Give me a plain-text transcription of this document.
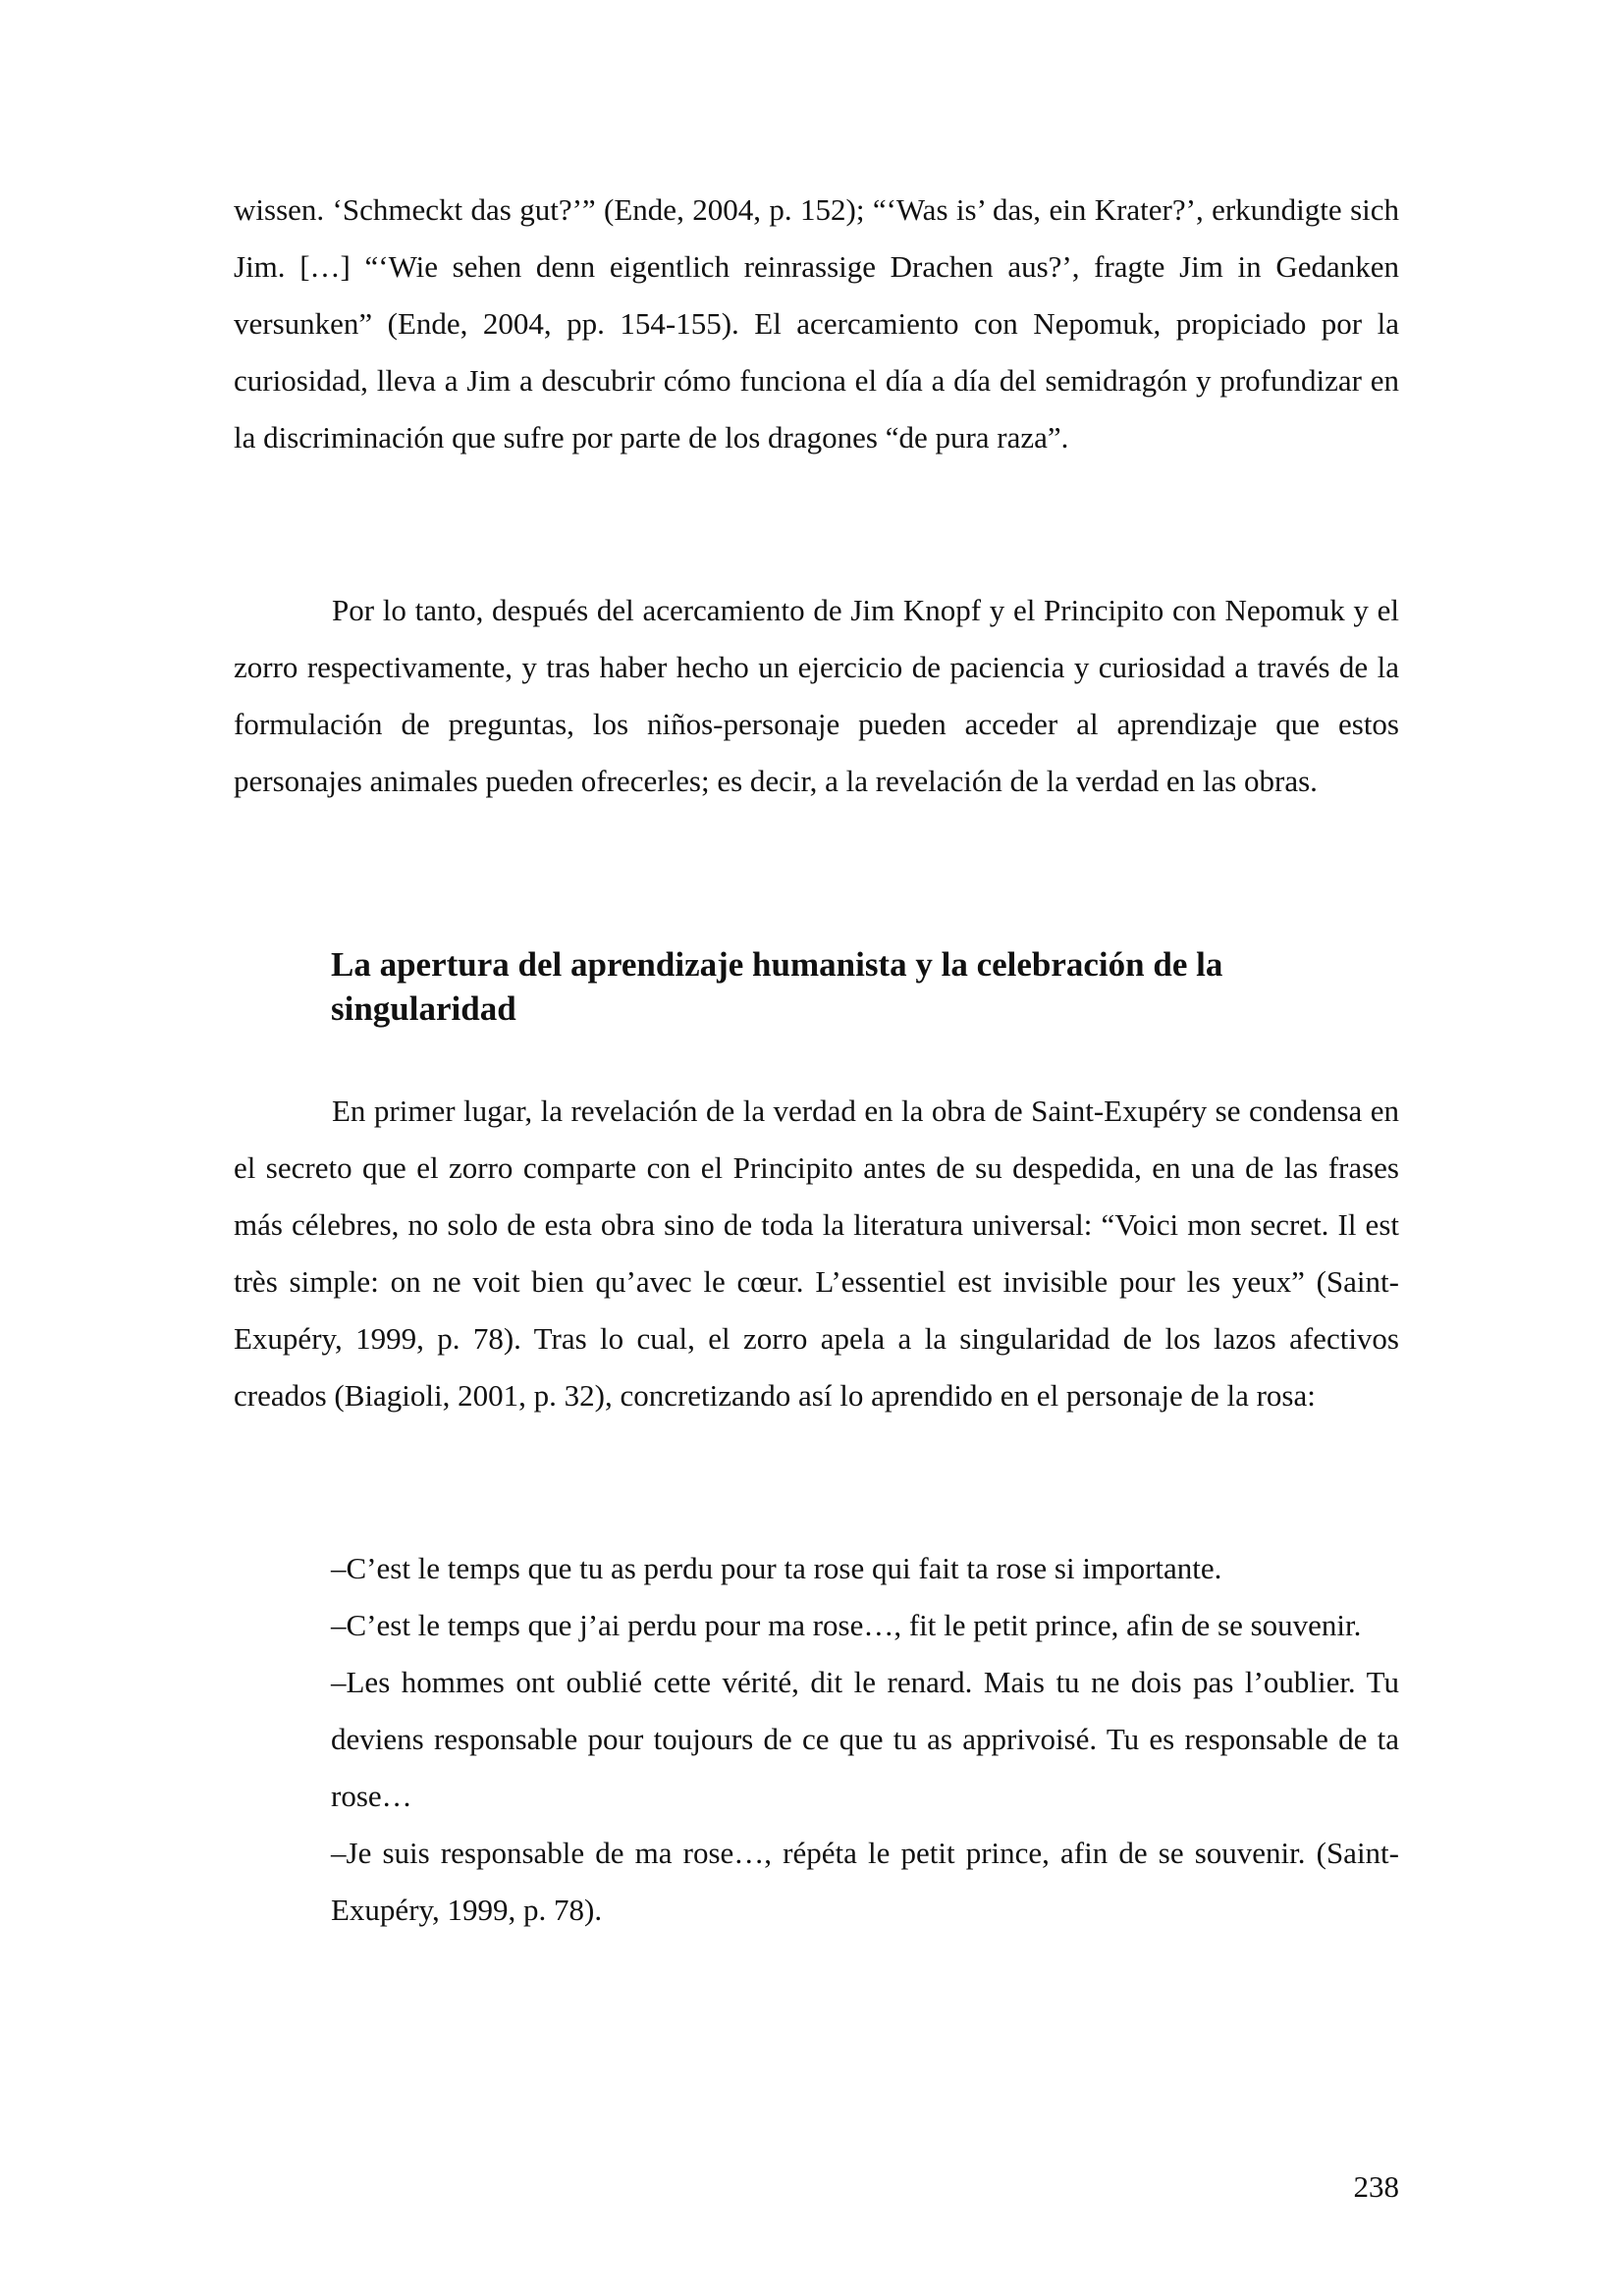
wissen. ‘Schmeckt das gut?’” (Ende, 2004, p. 152); “‘Was is’ das, ein Krater?’, erkundigte sich Jim. […] “‘Wie sehen denn eigentlich reinrassige Drachen aus?’, fragte Jim in Gedanken versunken” (Ende, 2004, pp. 154-155). El acercamiento con Nepomuk, propiciado por la curiosidad, lleva a Jim a descubrir cómo funciona el día a día del semidragón y profundizar en la discriminación que sufre por parte de los dragones “de pura raza”.

Por lo tanto, después del acercamiento de Jim Knopf y el Principito con Nepomuk y el zorro respectivamente, y tras haber hecho un ejercicio de paciencia y curiosidad a través de la formulación de preguntas, los niños-personaje pueden acceder al aprendizaje que estos personajes animales pueden ofrecerles; es decir, a la revelación de la verdad en las obras.

La apertura del aprendizaje humanista y la celebración de la singularidad

En primer lugar, la revelación de la verdad en la obra de Saint-Exupéry se condensa en el secreto que el zorro comparte con el Principito antes de su despedida, en una de las frases más célebres, no solo de esta obra sino de toda la literatura universal: “Voici mon secret. Il est très simple: on ne voit bien qu’avec le cœur. L’essentiel est invisible pour les yeux” (Saint-Exupéry, 1999, p. 78). Tras lo cual, el zorro apela a la singularidad de los lazos afectivos creados (Biagioli, 2001, p. 32), concretizando así lo aprendido en el personaje de la rosa:

–C’est le temps que tu as perdu pour ta rose qui fait ta rose si importante.

–C’est le temps que j’ai perdu pour ma rose…, fit le petit prince, afin de se souvenir.

–Les hommes ont oublié cette vérité, dit le renard. Mais tu ne dois pas l’oublier. Tu deviens responsable pour toujours de ce que tu as apprivoisé. Tu es responsable de ta rose…

–Je suis responsable de ma rose…, répéta le petit prince, afin de se souvenir. (Saint-Exupéry, 1999, p. 78).

238
